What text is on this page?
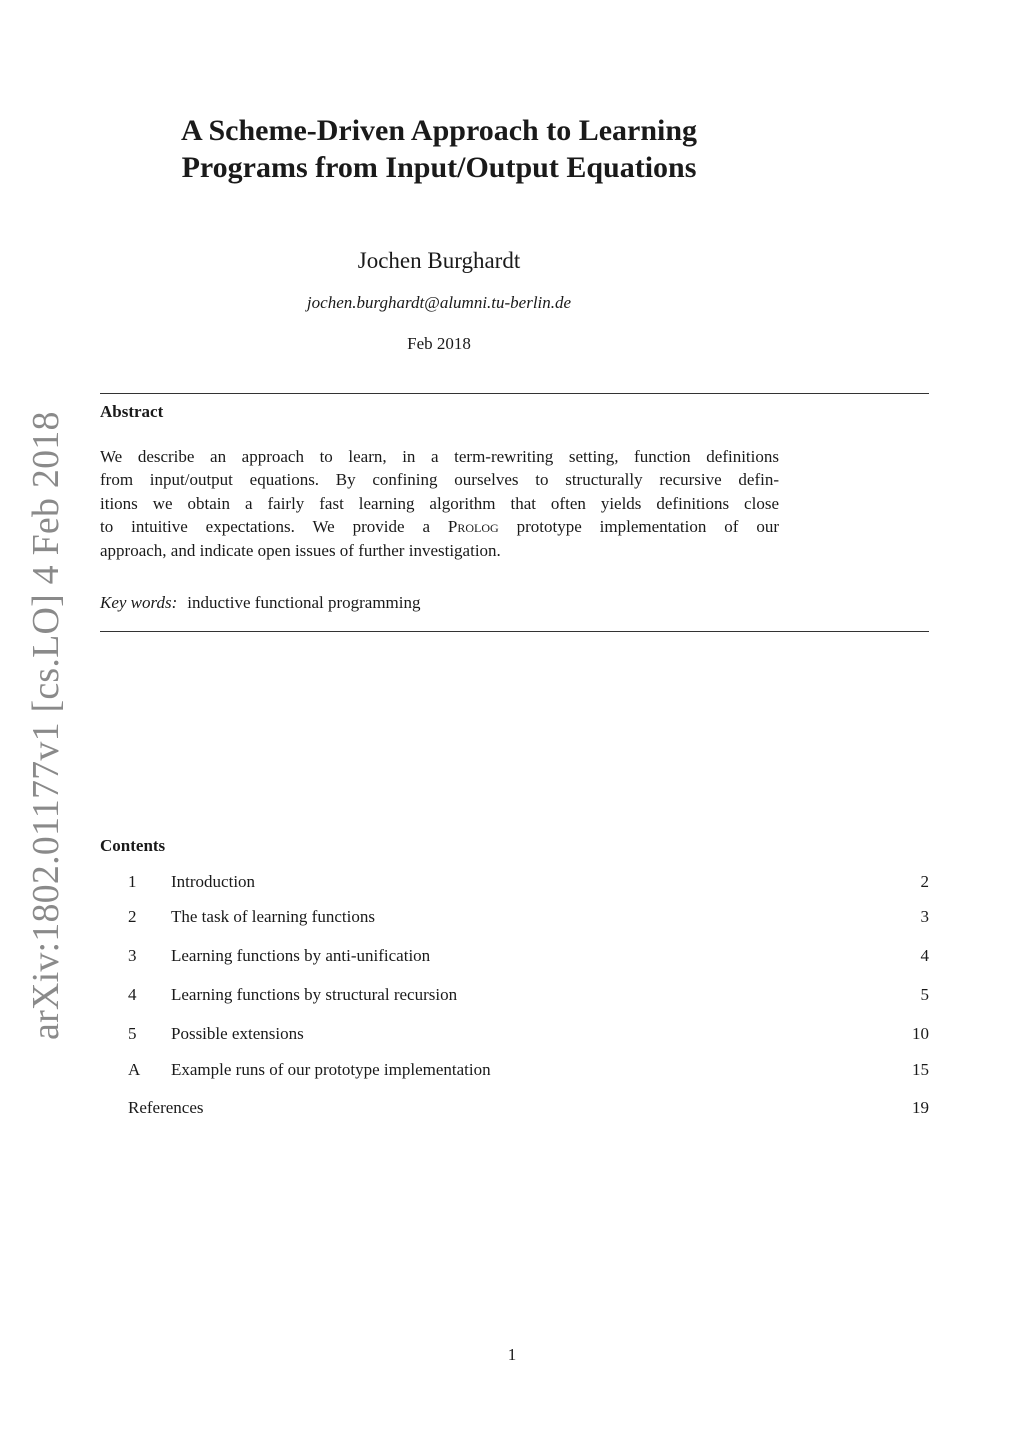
arXiv:1802.01177v1 [cs.LO] 4 Feb 2018
A Scheme-Driven Approach to Learning
Programs from Input/Output Equations
Jochen Burghardt
jochen.burghardt@alumni.tu-berlin.de
Feb 2018
Abstract
We describe an approach to learn, in a term-rewriting setting, function definitions
from input/output equations. By confining ourselves to structurally recursive defin-
itions we obtain a fairly fast learning algorithm that often yields definitions close
to intuitive expectations. We provide a Prolog prototype implementation of our
approach, and indicate open issues of further investigation.
Key words: inductive functional programming
Contents
1 Introduction	2
2 The task of learning functions	3
3 Learning functions by anti-unification	4
4 Learning functions by structural recursion	5
5 Possible extensions	10
A Example runs of our prototype implementation	15
References	19
1
